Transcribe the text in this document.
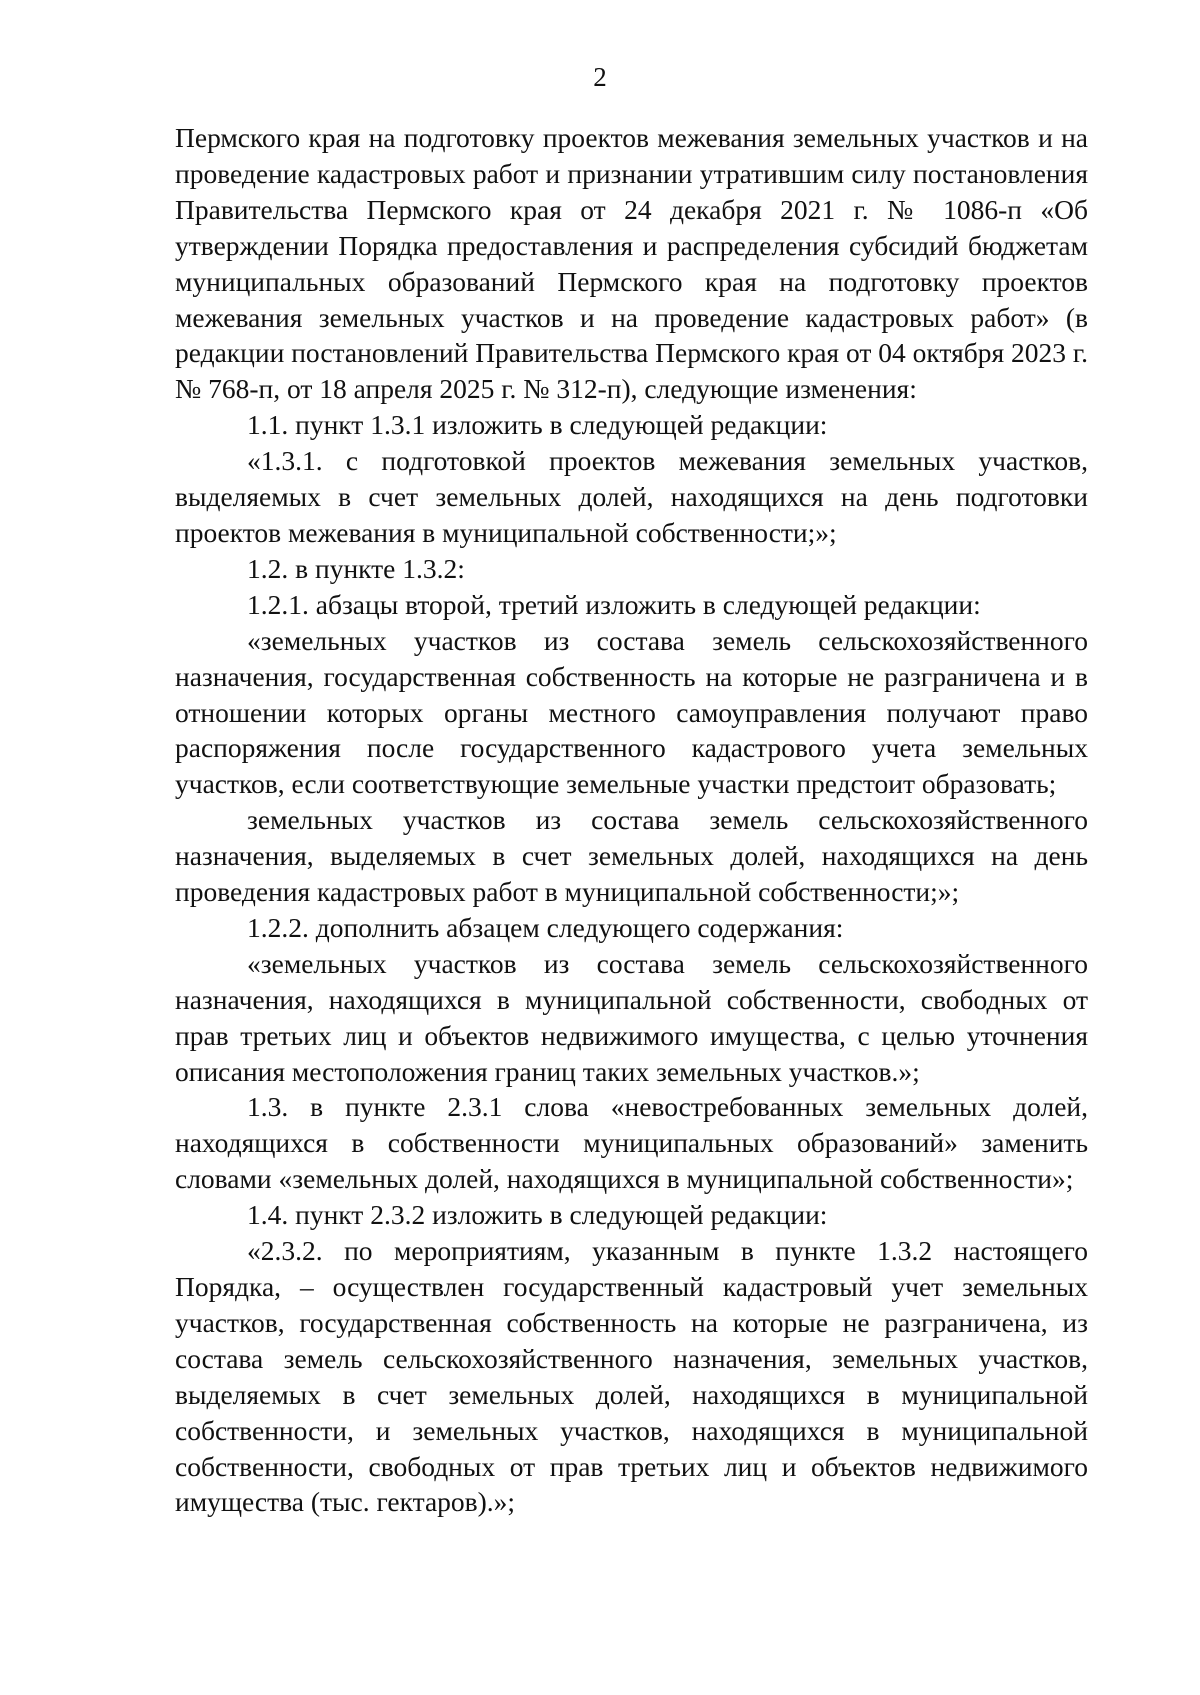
2

Пермского края на подготовку проектов межевания земельных участков и на проведение кадастровых работ и признании утратившим силу постановления Правительства Пермского края от 24 декабря 2021 г. № 1086-п «Об утверждении Порядка предоставления и распределения субсидий бюджетам муниципальных образований Пермского края на подготовку проектов межевания земельных участков и на проведение кадастровых работ» (в редакции постановлений Правительства Пермского края от 04 октября 2023 г. № 768-п, от 18 апреля 2025 г. № 312-п), следующие изменения:

1.1. пункт 1.3.1 изложить в следующей редакции:

«1.3.1. с подготовкой проектов межевания земельных участков, выделяемых в счет земельных долей, находящихся на день подготовки проектов межевания в муниципальной собственности;»;

1.2. в пункте 1.3.2:

1.2.1. абзацы второй, третий изложить в следующей редакции:

«земельных участков из состава земель сельскохозяйственного назначения, государственная собственность на которые не разграничена и в отношении которых органы местного самоуправления получают право распоряжения после государственного кадастрового учета земельных участков, если соответствующие земельные участки предстоит образовать;

земельных участков из состава земель сельскохозяйственного назначения, выделяемых в счет земельных долей, находящихся на день проведения кадастровых работ в муниципальной собственности;»;

1.2.2. дополнить абзацем следующего содержания:

«земельных участков из состава земель сельскохозяйственного назначения, находящихся в муниципальной собственности, свободных от прав третьих лиц и объектов недвижимого имущества, с целью уточнения описания местоположения границ таких земельных участков.»;

1.3. в пункте 2.3.1 слова «невостребованных земельных долей, находящихся в собственности муниципальных образований» заменить словами «земельных долей, находящихся в муниципальной собственности»;

1.4. пункт 2.3.2 изложить в следующей редакции:

«2.3.2. по мероприятиям, указанным в пункте 1.3.2 настоящего Порядка, – осуществлен государственный кадастровый учет земельных участков, государственная собственность на которые не разграничена, из состава земель сельскохозяйственного назначения, земельных участков, выделяемых в счет земельных долей, находящихся в муниципальной собственности, и земельных участков, находящихся в муниципальной собственности, свободных от прав третьих лиц и объектов недвижимого имущества (тыс. гектаров).»;
